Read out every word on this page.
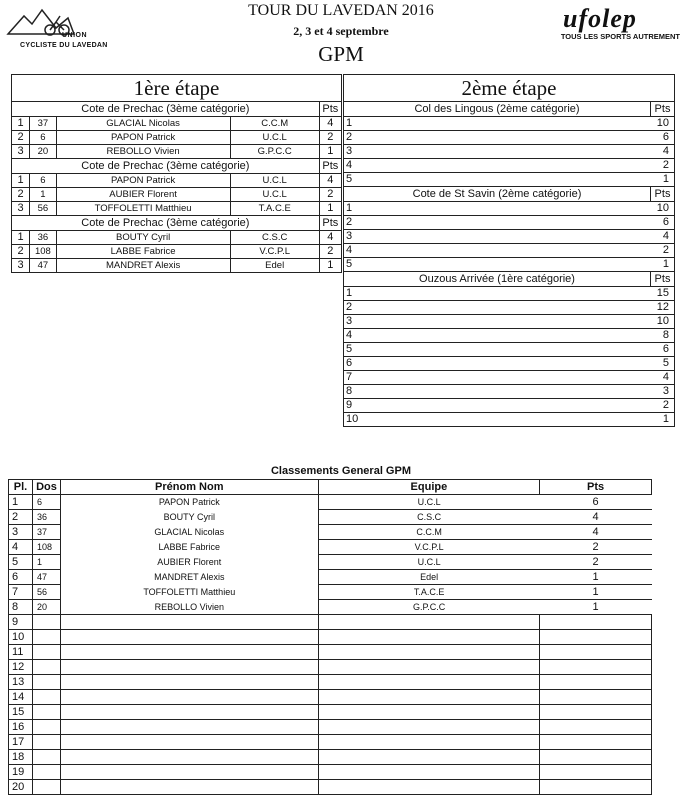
UNION
CYCLISTE DU LAVEDAN
TOUR DU LAVEDAN 2016
2, 3 et 4 septembre
GPM
ufolep
TOUS LES SPORTS AUTREMENT
1ère étape				
Cote de Prechac (3ème catégorie)				Pts
1	37	GLACIAL Nicolas	C.C.M	4
2	6	PAPON Patrick	U.C.L	2
3	20	REBOLLO Vivien	G.P.C.C	1
Cote de Prechac (3ème catégorie)				Pts
1	6	PAPON Patrick	U.C.L	4
2	1	AUBIER Florent	U.C.L	2
3	56	TOFFOLETTI Matthieu	T.A.C.E	1
Cote de Prechac (3ème catégorie)				Pts
1	36	BOUTY Cyril	C.S.C	4
2	108	LABBE Fabrice	V.C.P.L	2
3	47	MANDRET Alexis	Edel	1
2ème étape	
Col des Lingous (2ème catégorie)	Pts
1	10
2	6
3	4
4	2
5	1
Cote de St Savin (2ème catégorie)	Pts
1	10
2	6
3	4
4	2
5	1
Ouzous Arrivée (1ère catégorie)	Pts
1	15
2	12
3	10
4	8
5	6
6	5
7	4
8	3
9	2
10	1
Classements General GPM
Pl.	Dos	Prénom Nom	Equipe	Pts
1	6	PAPON Patrick	U.C.L	6
2	36	BOUTY Cyril	C.S.C	4
3	37	GLACIAL Nicolas	C.C.M	4
4	108	LABBE Fabrice	V.C.P.L	2
5	1	AUBIER Florent	U.C.L	2
6	47	MANDRET Alexis	Edel	1
7	56	TOFFOLETTI Matthieu	T.A.C.E	1
8	20	REBOLLO Vivien	G.P.C.C	1
9				
10				
11				
12				
13				
14				
15				
16				
17				
18				
19				
20				
